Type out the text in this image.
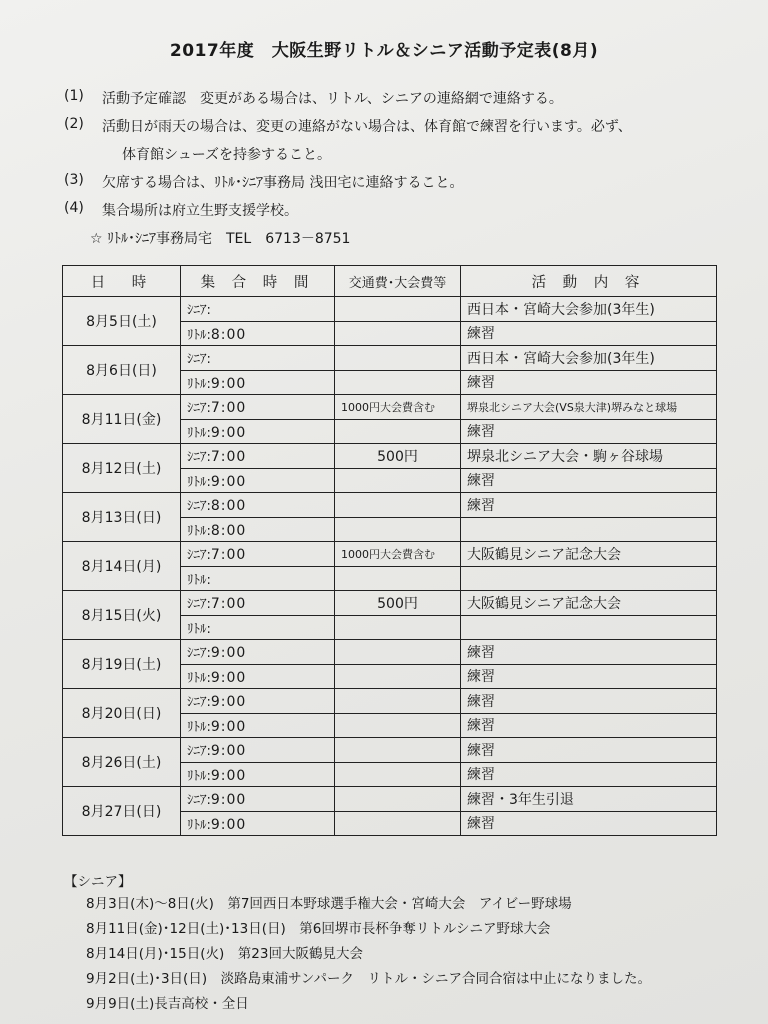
2017年度　大阪生野リトル＆シニア活動予定表(8月)
(1)	活動予定確認　変更がある場合は、リトル、シニアの連絡網で連絡する。
(2)	活動日が雨天の場合は、変更の連絡がない場合は、体育館で練習を行います。必ず、
体育館シューズを持参すること。
(3)	欠席する場合は、ﾘﾄﾙ･ｼﾆｱ事務局 浅田宅に連絡すること。
(4)	集合場所は府立生野支援学校。
☆ ﾘﾄﾙ･ｼﾆｱ事務局宅　TEL　6713－8751
日　時	集 合 時 間	交通費･大会費等	活 動 内 容
8月5日(土)	ｼﾆｱ:		西日本・宮崎大会参加(3年生)
	ﾘﾄﾙ:8:00		練習
8月6日(日)	ｼﾆｱ:		西日本・宮崎大会参加(3年生)
	ﾘﾄﾙ:9:00		練習
8月11日(金)	ｼﾆｱ:7:00	1000円大会費含む	堺泉北シニア大会(VS泉大津)堺みなと球場
	ﾘﾄﾙ:9:00		練習
8月12日(土)	ｼﾆｱ:7:00	500円	堺泉北シニア大会・駒ヶ谷球場
	ﾘﾄﾙ:9:00		練習
8月13日(日)	ｼﾆｱ:8:00		練習
	ﾘﾄﾙ:8:00		
8月14日(月)	ｼﾆｱ:7:00	1000円大会費含む	大阪鶴見シニア記念大会
	ﾘﾄﾙ:		
8月15日(火)	ｼﾆｱ:7:00	500円	大阪鶴見シニア記念大会
	ﾘﾄﾙ:		
8月19日(土)	ｼﾆｱ:9:00		練習
	ﾘﾄﾙ:9:00		練習
8月20日(日)	ｼﾆｱ:9:00		練習
	ﾘﾄﾙ:9:00		練習
8月26日(土)	ｼﾆｱ:9:00		練習
	ﾘﾄﾙ:9:00		練習
8月27日(日)	ｼﾆｱ:9:00		練習・3年生引退
	ﾘﾄﾙ:9:00		練習
【シニア】
8月3日(木)～8日(火)　第7回西日本野球選手権大会・宮崎大会　アイビー野球場
8月11日(金)･12日(土)･13日(日)　第6回堺市長杯争奪リトルシニア野球大会
8月14日(月)･15日(火)　第23回大阪鶴見大会
9月2日(土)･3日(日)　淡路島東浦サンパーク　リトル・シニア合同合宿は中止になりました。
9月9日(土)長吉高校・全日
